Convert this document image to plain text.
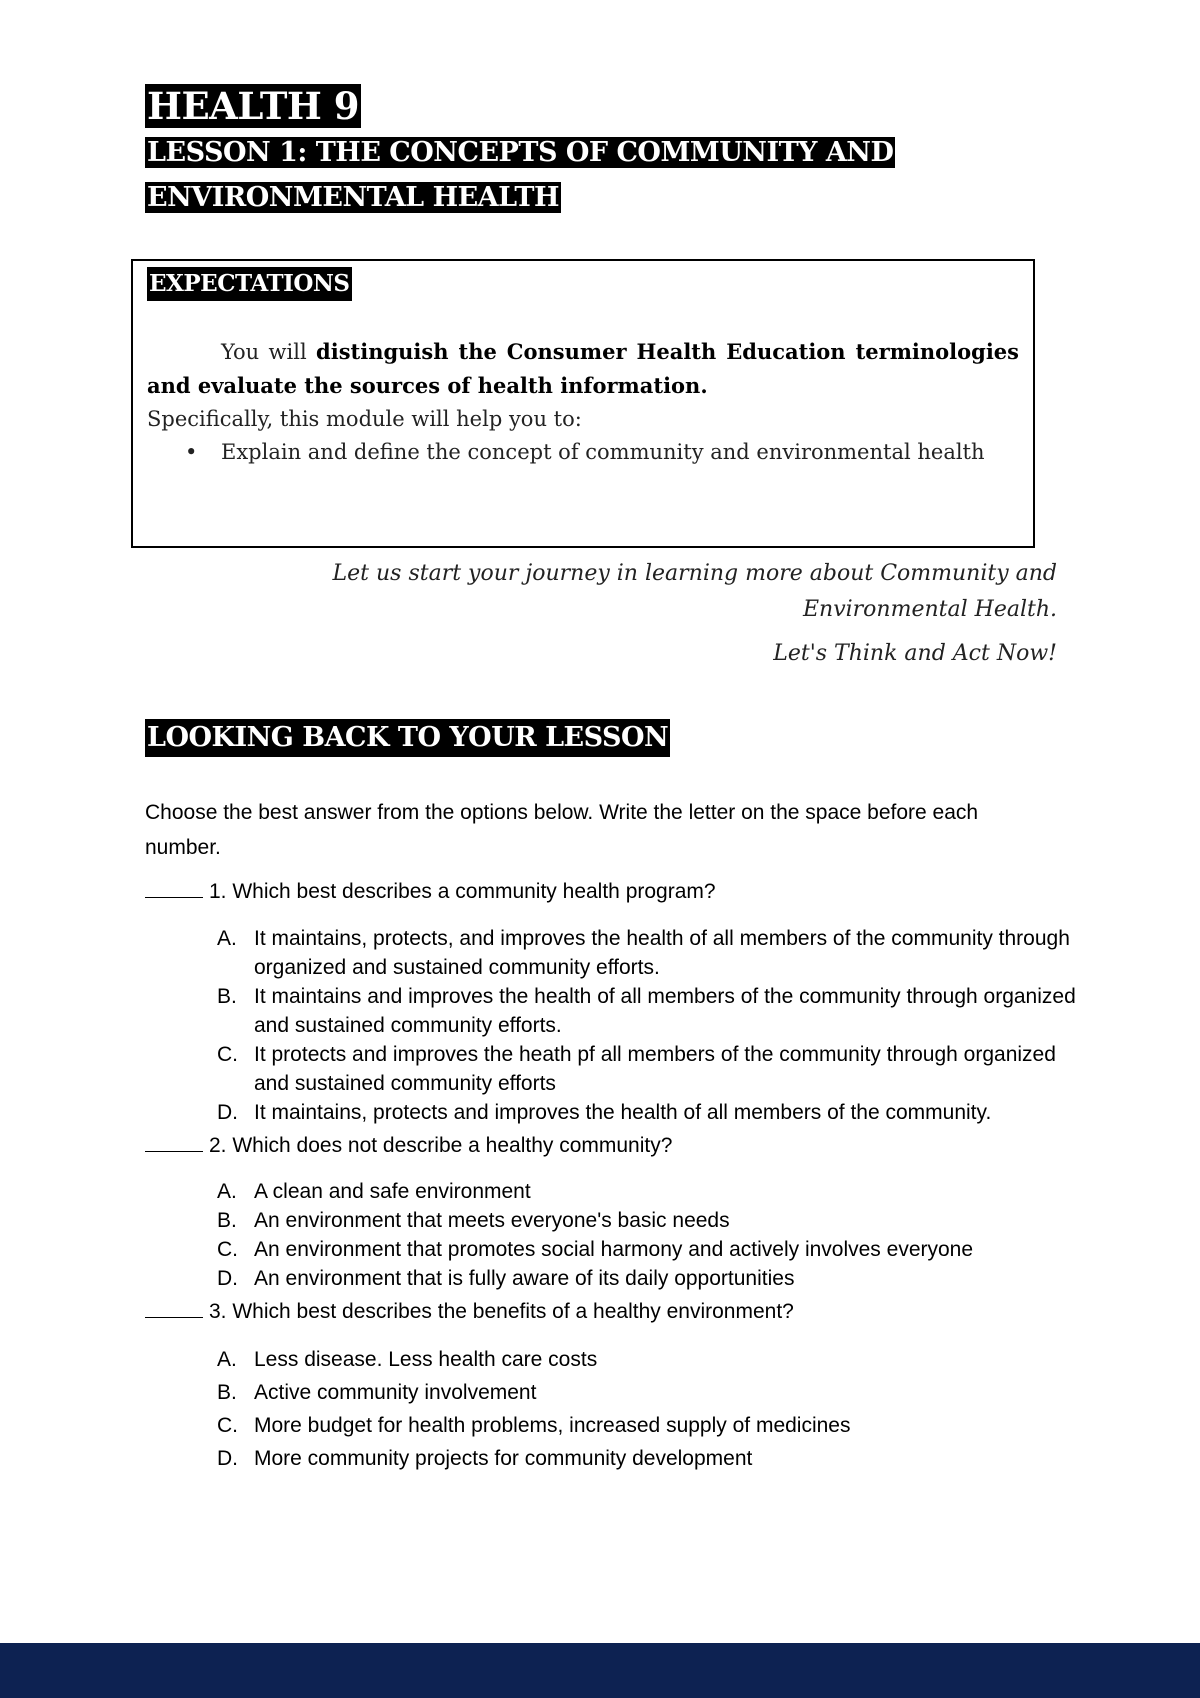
HEALTH 9
LESSON 1: THE CONCEPTS OF COMMUNITY AND
ENVIRONMENTAL HEALTH
EXPECTATIONS
You will distinguish the Consumer Health Education terminologies and evaluate the sources of health information.
Specifically, this module will help you to:
• Explain and define the concept of community and environmental health
Let us start your journey in learning more about Community and Environmental Health.
Let's Think and Act Now!
LOOKING BACK TO YOUR LESSON
Choose the best answer from the options below. Write the letter on the space before each number.
1. Which best describes a community health program?
A. It maintains, protects, and improves the health of all members of the community through organized and sustained community efforts.
B. It maintains and improves the health of all members of the community through organized and sustained community efforts.
C. It protects and improves the heath pf all members of the community through organized and sustained community efforts
D. It maintains, protects and improves the health of all members of the community.
2. Which does not describe a healthy community?
A. A clean and safe environment
B. An environment that meets everyone's basic needs
C. An environment that promotes social harmony and actively involves everyone
D. An environment that is fully aware of its daily opportunities
3. Which best describes the benefits of a healthy environment?
A. Less disease. Less health care costs
B. Active community involvement
C. More budget for health problems, increased supply of medicines
D. More community projects for community development
